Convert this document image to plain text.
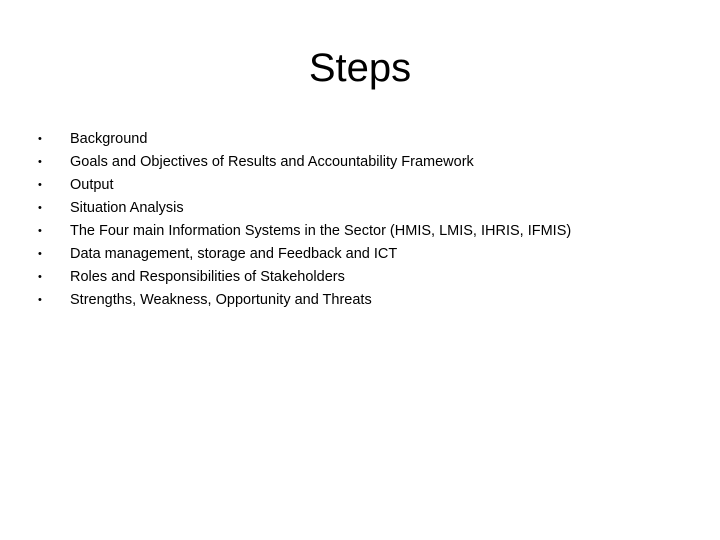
Steps
•	Background
•	Goals and Objectives of Results and Accountability Framework
•	Output
•	Situation Analysis
•	The Four main Information Systems in the Sector (HMIS, LMIS, IHRIS, IFMIS)
•	Data management, storage and Feedback and ICT
•	Roles and Responsibilities of Stakeholders
•	Strengths, Weakness, Opportunity and Threats
